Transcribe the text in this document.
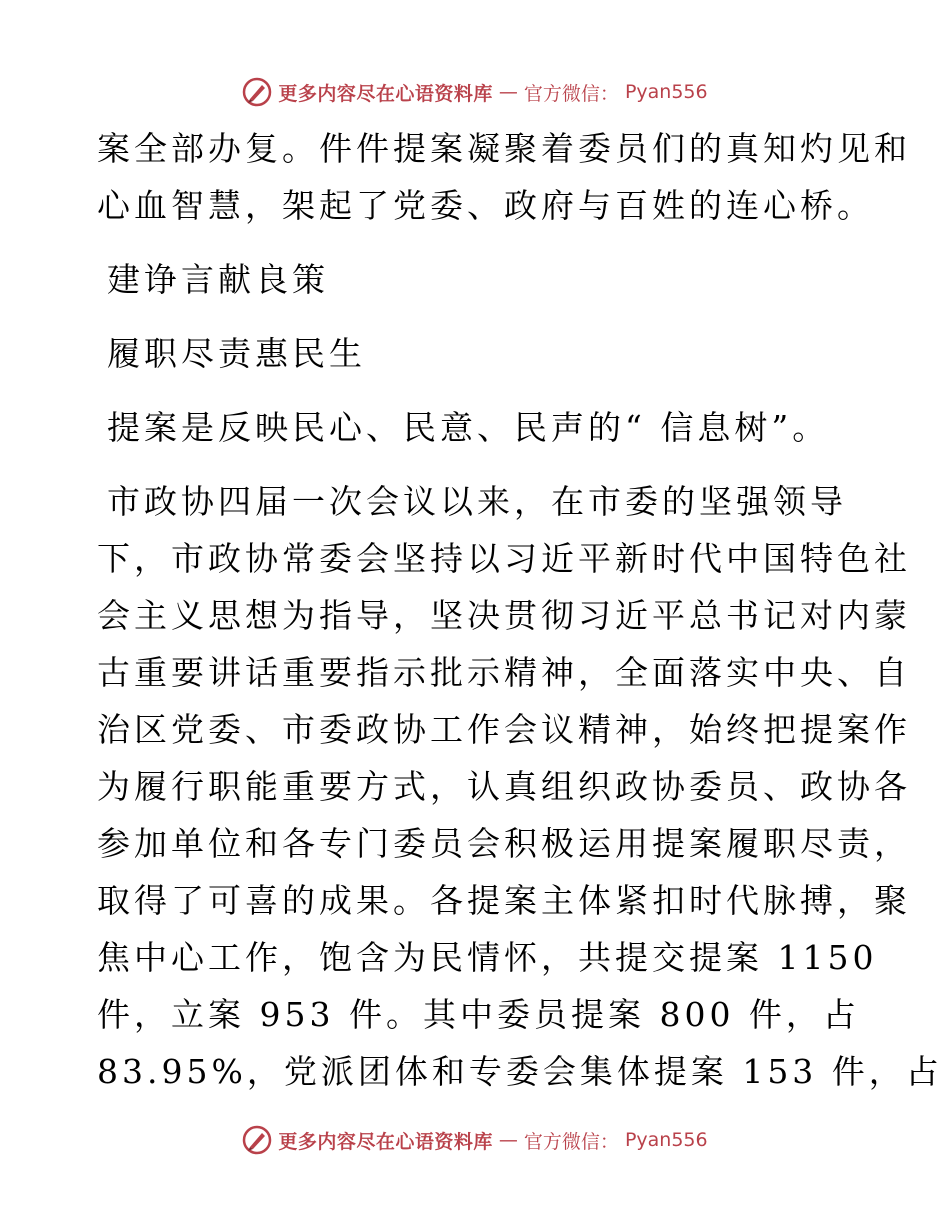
更多内容尽在心语资料库 — 官方微信： Pyan556
案全部办复。件件提案凝聚着委员们的真知灼见和
心血智慧，架起了党委、政府与百姓的连心桥。
建诤言献良策
履职尽责惠民生
提案是反映民心、民意、民声的“ 信息树”。
市政协四届一次会议以来，在市委的坚强领导
下，市政协常委会坚持以习近平新时代中国特色社
会主义思想为指导，坚决贯彻习近平总书记对内蒙
古重要讲话重要指示批示精神，全面落实中央、自
治区党委、市委政协工作会议精神，始终把提案作
为履行职能重要方式，认真组织政协委员、政协各
参加单位和各专门委员会积极运用提案履职尽责，
取得了可喜的成果。各提案主体紧扣时代脉搏，聚
焦中心工作，饱含为民情怀，共提交提案 1150
件，立案 953 件。其中委员提案 800 件，占
83.95%，党派团体和专委会集体提案 153 件，占
更多内容尽在心语资料库 — 官方微信： Pyan556
